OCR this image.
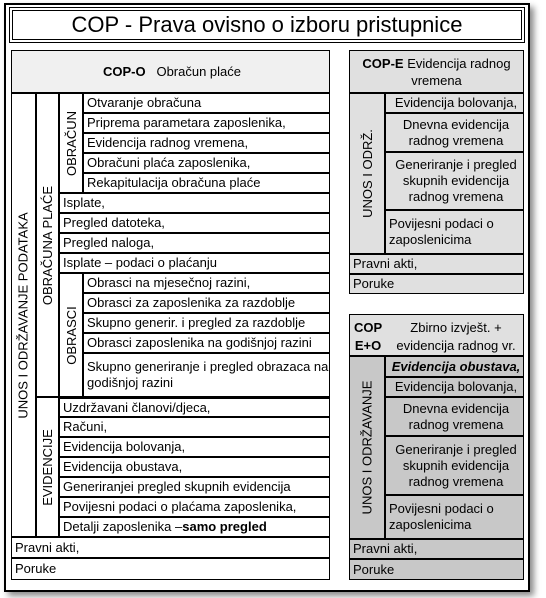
COP - Prava ovisno o izboru pristupnice
COP-O
Obračun plaće
UNOS I ODRŽAVANJE PODATAKA OBRAČUNA PLAĆE
OBRAČUN
Otvaranje obračuna
Priprema parametara zaposlenika,
Evidencija radnog vremena,
Obračuni plaća zaposlenika,
Rekapitulacija obračuna plaće
Isplate,
Pregled datoteka,
Pregled naloga,
Isplate – podaci o plaćanju
OBRASCI
Obrasci na mjesečnoj razini,
Obrasci za zaposlenika za razdoblje
Skupno generir. i pregled za razdoblje
Obrasci zaposlenika na godišnjoj razini
Skupno generiranje i pregled obrazaca na godišnjoj razini
EVIDENCIJE
Uzdržavani članovi/djeca,
Računi,
Evidencija bolovanja,
Evidencija obustava,
Generiranjei pregled skupnih evidencija
Povijesni podaci o plaćama zaposlenika,
Detalji zaposlenika – samo pregled
Pravni akti,
Poruke
COP-E Evidencija radnog vremena
UNOS I ODRŽ.
Evidencija bolovanja,
Dnevna evidencija radnog vremena
Generiranje i pregled skupnih evidencija radnog vremena
Povijesni podaci o zaposlenicima
Pravni akti,
Poruke
COP
E+O
Zbirno izvješt. + evidencija radnog vr.
UNOS I ODRŽAVANJE
Evidencija obustava,
Evidencija bolovanja,
Dnevna evidencija radnog vremena
Generiranje i pregled skupnih evidencija radnog vremena
Povijesni podaci o zaposlenicima
Pravni akti,
Poruke
